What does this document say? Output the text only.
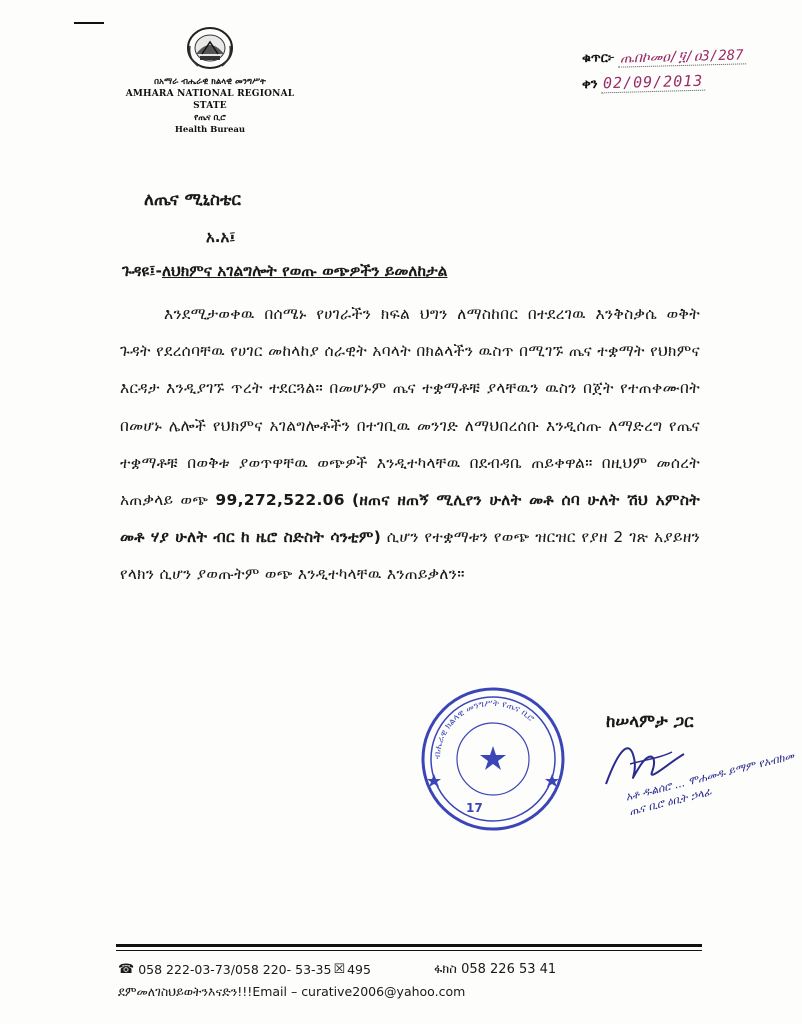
በአማራ ብሔራዊ ክልላዊ መንግሥት
AMHARA NATIONAL REGIONAL STATE
የጤና ቢሮ
Health Bureau
ቁጥር፦ ጤበኮመዐ/፶/ዐ3/287
ቀን 02/09/2013
ለጤና ሚኒስቴር
አ.አ፤
ጉዳዩ፤-ለህክምና አገልግሎት የወጡ ወጭዎችን ይመለከታል
እንደሚታወቀዉ በሰሜኑ የሀገራችን ክፍል ህግን ለማስከበር በተደረገዉ እንቅስቃሴ ወቅት ጉዳት የደረሰባቸዉ የሀገር መከላከያ ሰራዊት አባላት በክልላችን ዉስጥ በሚገኙ ጤና ተቋማት የህክምና እርዳታ እንዲያገኙ ጥረት ተደርጓል። በመሆኑም ጤና ተቋማቶቹ ያላቸዉን ዉስን በጀት የተጠቀሙበት በመሆኑ ሌሎች የህክምና አገልግሎቶችን በተገቢዉ መንገድ ለማህበረሰቡ እንዲሰጡ ለማድረግ የጤና ተቋማቶቹ በወቅቱ ያወጥዋቸዉ ወጭዎች እንዲተካላቸዉ በደብዳቤ ጠይቀዋል። በዚህም መሰረት አጠቃላይ ወጭ 99,272,522.06 (ዘጠና ዘጠኝ ሚሊየን ሁለት መቶ ሰባ ሁለት ሽህ አምስት መቶ ሃያ ሁለት ብር ከ ዜሮ ስድስት ሳንቲም) ሲሆን የተቋማቱን የወጭ ዝርዝር የያዘ 2 ገጽ አያይዘን የላክን ሲሆን ያወጡትም ወጭ እንዲተካላቸዉ እንጠይቃለን።
ብሔራዊ ክልላዊ መንግሥት የጤና ቢሮ
17
ከሠላምታ ጋር
አቶ ዱልሰሮ ... ሞሐመዱ ይማም የአብክመ ጤና ቢሮ ዕቢት ኃላፊ
☎ 058 222-03-73/058 220- 53-35 ☒ 495	ፋክስ 058 226 53 41
ደምመለገስህይወትንእናድን!!!Email – curative2006@yahoo.com
